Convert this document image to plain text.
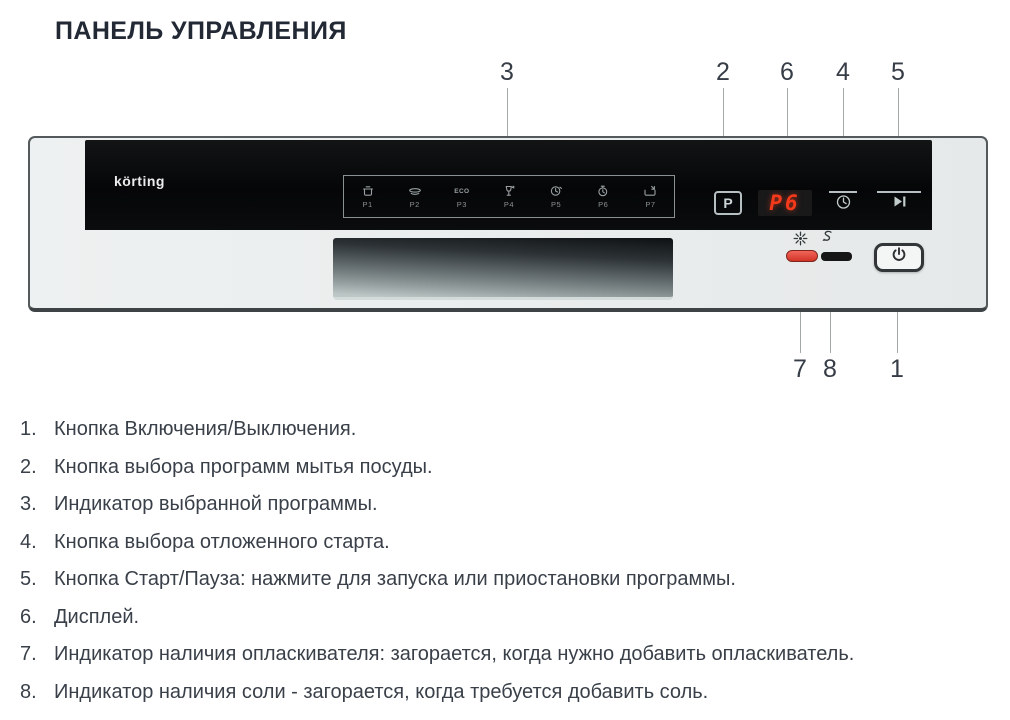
ПАНЕЛЬ УПРАВЛЕНИЯ
3	2 6 4 5
7 8 1
körting
P1	P2
ECO
P3	P4	P5	P6	P7	P	P6
1. Кнопка Включения/Выключения.
2. Кнопка выбора программ мытья посуды.
3. Индикатор выбранной программы.
4. Кнопка выбора отложенного старта.
5. Кнопка Старт/Пауза: нажмите для запуска или приостановки программы.
6. Дисплей.
7. Индикатор наличия опласкивателя: загорается, когда нужно добавить опласкиватель.
8. Индикатор наличия соли - загорается, когда требуется добавить соль.
